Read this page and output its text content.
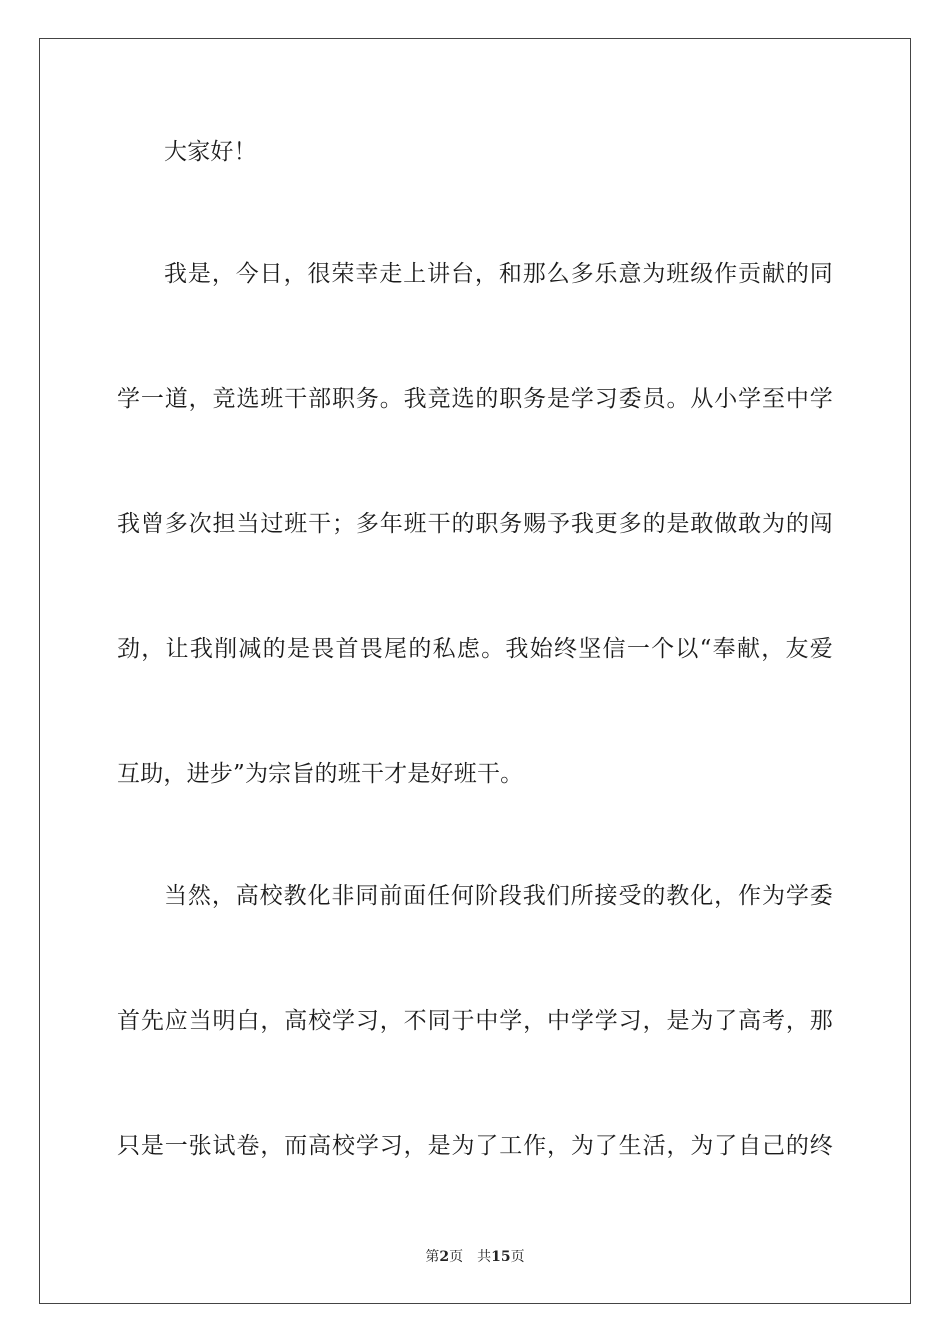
大家好！
我是，今日，很荣幸走上讲台，和那么多乐意为班级作贡献的同
学一道，竞选班干部职务。我竞选的职务是学习委员。从小学至中学
我曾多次担当过班干；多年班干的职务赐予我更多的是敢做敢为的闯
劲，让我削减的是畏首畏尾的私虑。我始终坚信一个以“奉献，友爱
互助，进步”为宗旨的班干才是好班干。
当然，高校教化非同前面任何阶段我们所接受的教化，作为学委
首先应当明白，高校学习，不同于中学，中学学习，是为了高考，那
只是一张试卷，而高校学习，是为了工作，为了生活，为了自己的终
第2页 共15页
